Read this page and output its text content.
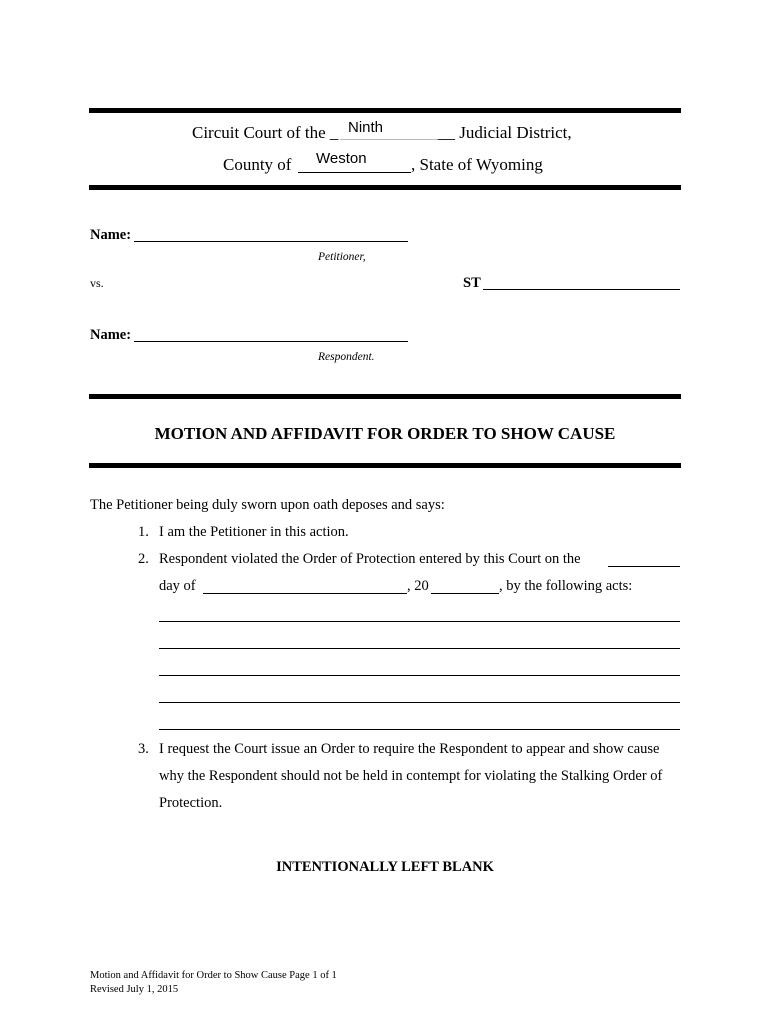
Circuit Court of the _ Ninth	__ Judicial District,
County of Weston	, State of Wyoming
Name:
Petitioner,
vs.	ST
Name:
Respondent.
MOTION AND AFFIDAVIT FOR ORDER TO SHOW CAUSE
The Petitioner being duly sworn upon oath deposes and says:
1. I am the Petitioner in this action.
2. Respondent violated the Order of Protection entered by this Court on the
day of	, 20	, by the following acts:
3. I request the Court issue an Order to require the Respondent to appear and show cause
why the Respondent should not be held in contempt for violating the Stalking Order of
Protection.
INTENTIONALLY LEFT BLANK
Motion and Affidavit for Order to Show Cause Page 1 of 1
Revised July 1, 2015
